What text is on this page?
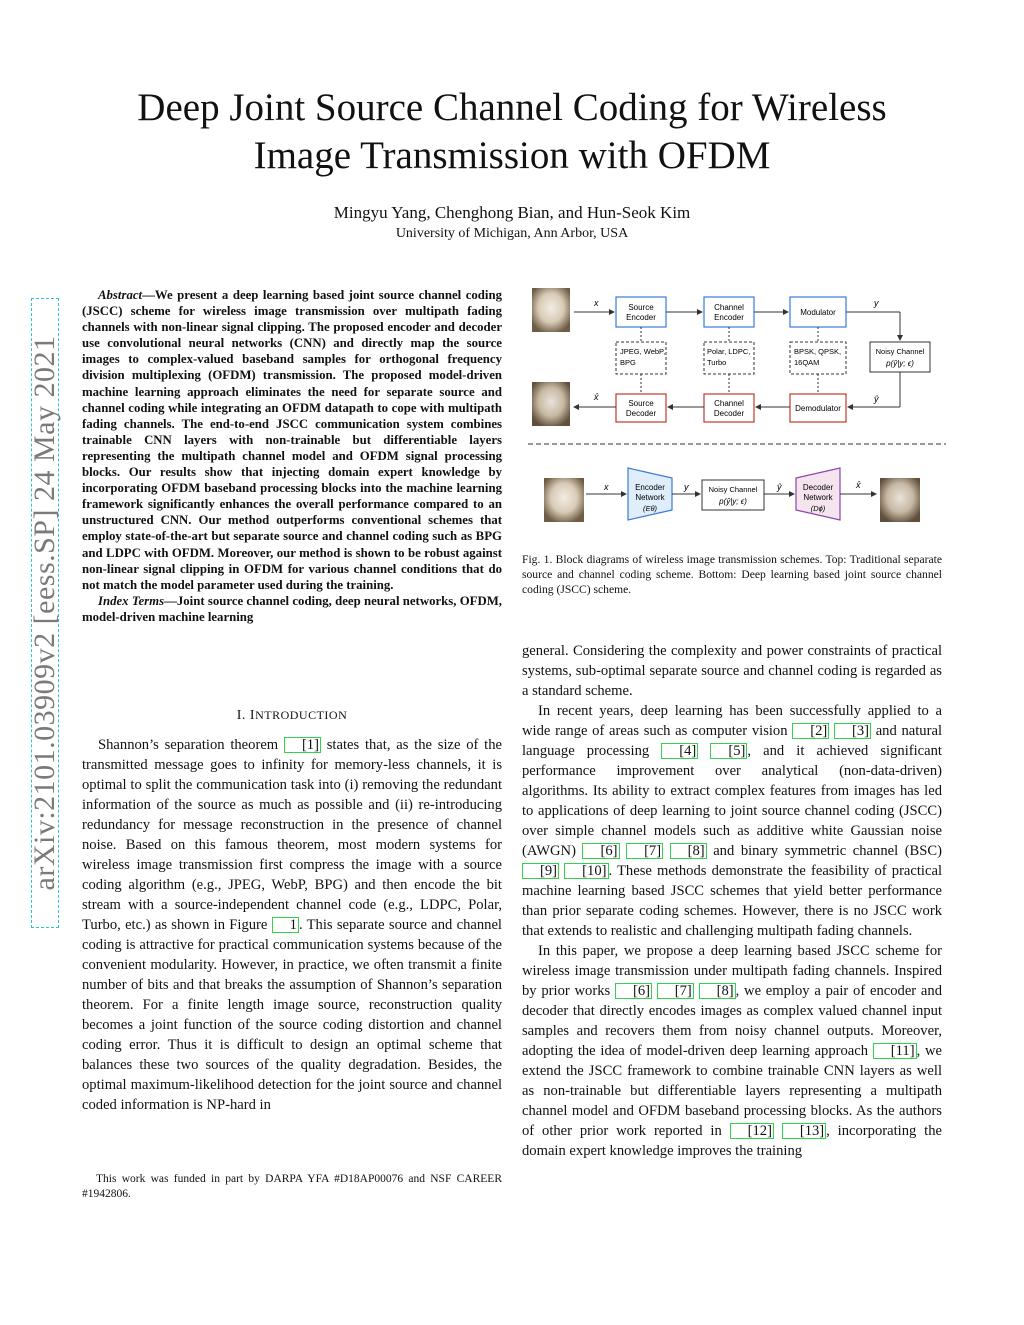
Deep Joint Source Channel Coding for Wireless
Image Transmission with OFDM
Mingyu Yang, Chenghong Bian, and Hun-Seok Kim
University of Michigan, Ann Arbor, USA
arXiv:2101.03909v2 [eess.SP] 24 May 2021

Abstract—We present a deep learning based joint source channel coding (JSCC) scheme for wireless image transmission over multipath fading channels with non-linear signal clipping. The proposed encoder and decoder use convolutional neural networks (CNN) and directly map the source images to complex-valued baseband samples for orthogonal frequency division multiplexing (OFDM) transmission. The proposed model-driven machine learning approach eliminates the need for separate source and channel coding while integrating an OFDM datapath to cope with multipath fading channels. The end-to-end JSCC communication system combines trainable CNN layers with non-trainable but differentiable layers representing the multipath channel model and OFDM signal processing blocks. Our results show that injecting domain expert knowledge by incorporating OFDM baseband processing blocks into the machine learning framework significantly enhances the overall performance compared to an unstructured CNN. Our method outperforms conventional schemes that employ state-of-the-art but separate source and channel coding such as BPG and LDPC with OFDM. Moreover, our method is shown to be robust against non-linear signal clipping in OFDM for various channel conditions that do not match the model parameter used during the training.

Index Terms—Joint source channel coding, deep neural networks, OFDM, model-driven machine learning

I. INTRODUCTION

Shannon’s separation theorem [1] states that, as the size of the transmitted message goes to infinity for memory-less channels, it is optimal to split the communication task into (i) removing the redundant information of the source as much as possible and (ii) re-introducing redundancy for message reconstruction in the presence of channel noise. Based on this famous theorem, most modern systems for wireless image transmission first compress the image with a source coding algorithm (e.g., JPEG, WebP, BPG) and then encode the bit stream with a source-independent channel code (e.g., LDPC, Polar, Turbo, etc.) as shown in Figure 1 . This separate source and channel coding is attractive for practical communication systems because of the convenient modularity. However, in practice, we often transmit a finite number of bits and that breaks the assumption of Shannon’s separation theorem. For a finite length image source, reconstruction quality becomes a joint function of the source coding distortion and channel coding error. Thus it is difficult to design an optimal scheme that balances these two sources of the quality degradation. Besides, the optimal maximum-likelihood detection for the joint source and channel coded information is NP-hard in

This work was funded in part by DARPA YFA #D18AP00076 and NSF CAREER #1942806.

x	Source
Encoder
Channel
Encoder
Modulator
y
JPEG, WebP,
BPG
Polar, LDPC,
Turbo
BPSK, QPSK,
16QAM
Noisy Channel
p(ŷ|y; ϵ)
ŷ
Demodulator
Channel
Decoder
Source
Decoder
x̂
x	Encoder
Network
(Eθ)
y	Noisy Channel
p(ŷ|y; ϵ)
ŷ	Decoder
Network
(Dϕ)
x̂
Fig. 1. Block diagrams of wireless image transmission schemes. Top: Traditional separate source and channel coding scheme. Bottom: Deep learning based joint source channel coding (JSCC) scheme.

general. Considering the complexity and power constraints of practical systems, sub-optimal separate source and channel coding is regarded as a standard scheme.

In recent years, deep learning has been successfully applied to a wide range of areas such as computer vision [2] [3] and natural language processing [4] [5] , and it achieved significant performance improvement over analytical (non-data-driven) algorithms. Its ability to extract complex features from images has led to applications of deep learning to joint source channel coding (JSCC) over simple channel models such as additive white Gaussian noise (AWGN) [6] [7] [8] and binary symmetric channel (BSC) [9] [10] . These methods demonstrate the feasibility of practical machine learning based JSCC schemes that yield better performance than prior separate coding schemes. However, there is no JSCC work that extends to realistic and challenging multipath fading channels.

In this paper, we propose a deep learning based JSCC scheme for wireless image transmission under multipath fading channels. Inspired by prior works [6] [7] [8] , we employ a pair of encoder and decoder that directly encodes images as complex valued channel input samples and recovers them from noisy channel outputs. Moreover, adopting the idea of model-driven deep learning approach [11] , we extend the JSCC framework to combine trainable CNN layers as well as non-trainable but differentiable layers representing a multipath channel model and OFDM baseband processing blocks. As the authors of other prior work reported in [12] [13] , incorporating the domain expert knowledge improves the training
